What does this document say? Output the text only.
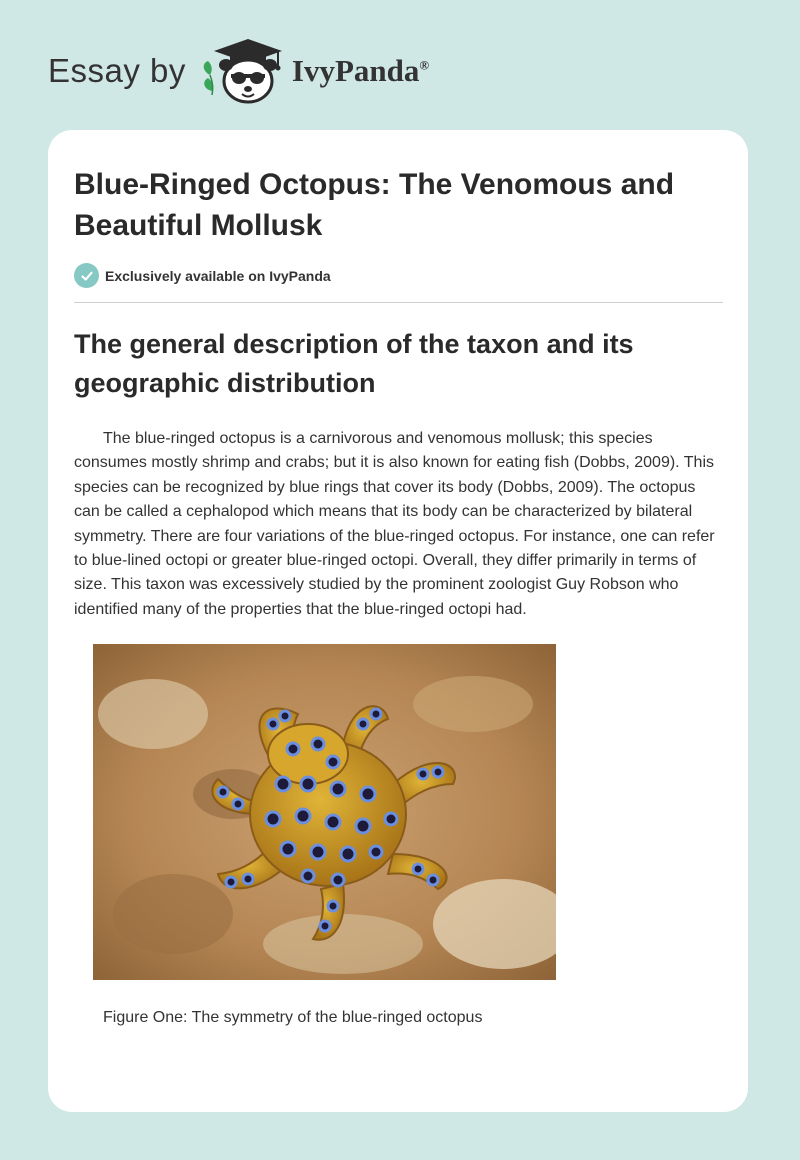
Essay by	IvyPanda®
Blue-Ringed Octopus: The Venomous and Beautiful Mollusk
Exclusively available on IvyPanda
The general description of the taxon and its geographic distribution

The blue-ringed octopus is a carnivorous and venomous mollusk; this species consumes mostly shrimp and crabs; but it is also known for eating fish (Dobbs, 2009). This species can be recognized by blue rings that cover its body (Dobbs, 2009). The octopus can be called a cephalopod which means that its body can be characterized by bilateral symmetry. There are four variations of the blue-ringed octopus. For instance, one can refer to blue-lined octopi or greater blue-ringed octopi. Overall, they differ primarily in terms of size. This taxon was excessively studied by the prominent zoologist Guy Robson who identified many of the properties that the blue-ringed octopi had.

Figure One: The symmetry of the blue-ringed octopus
